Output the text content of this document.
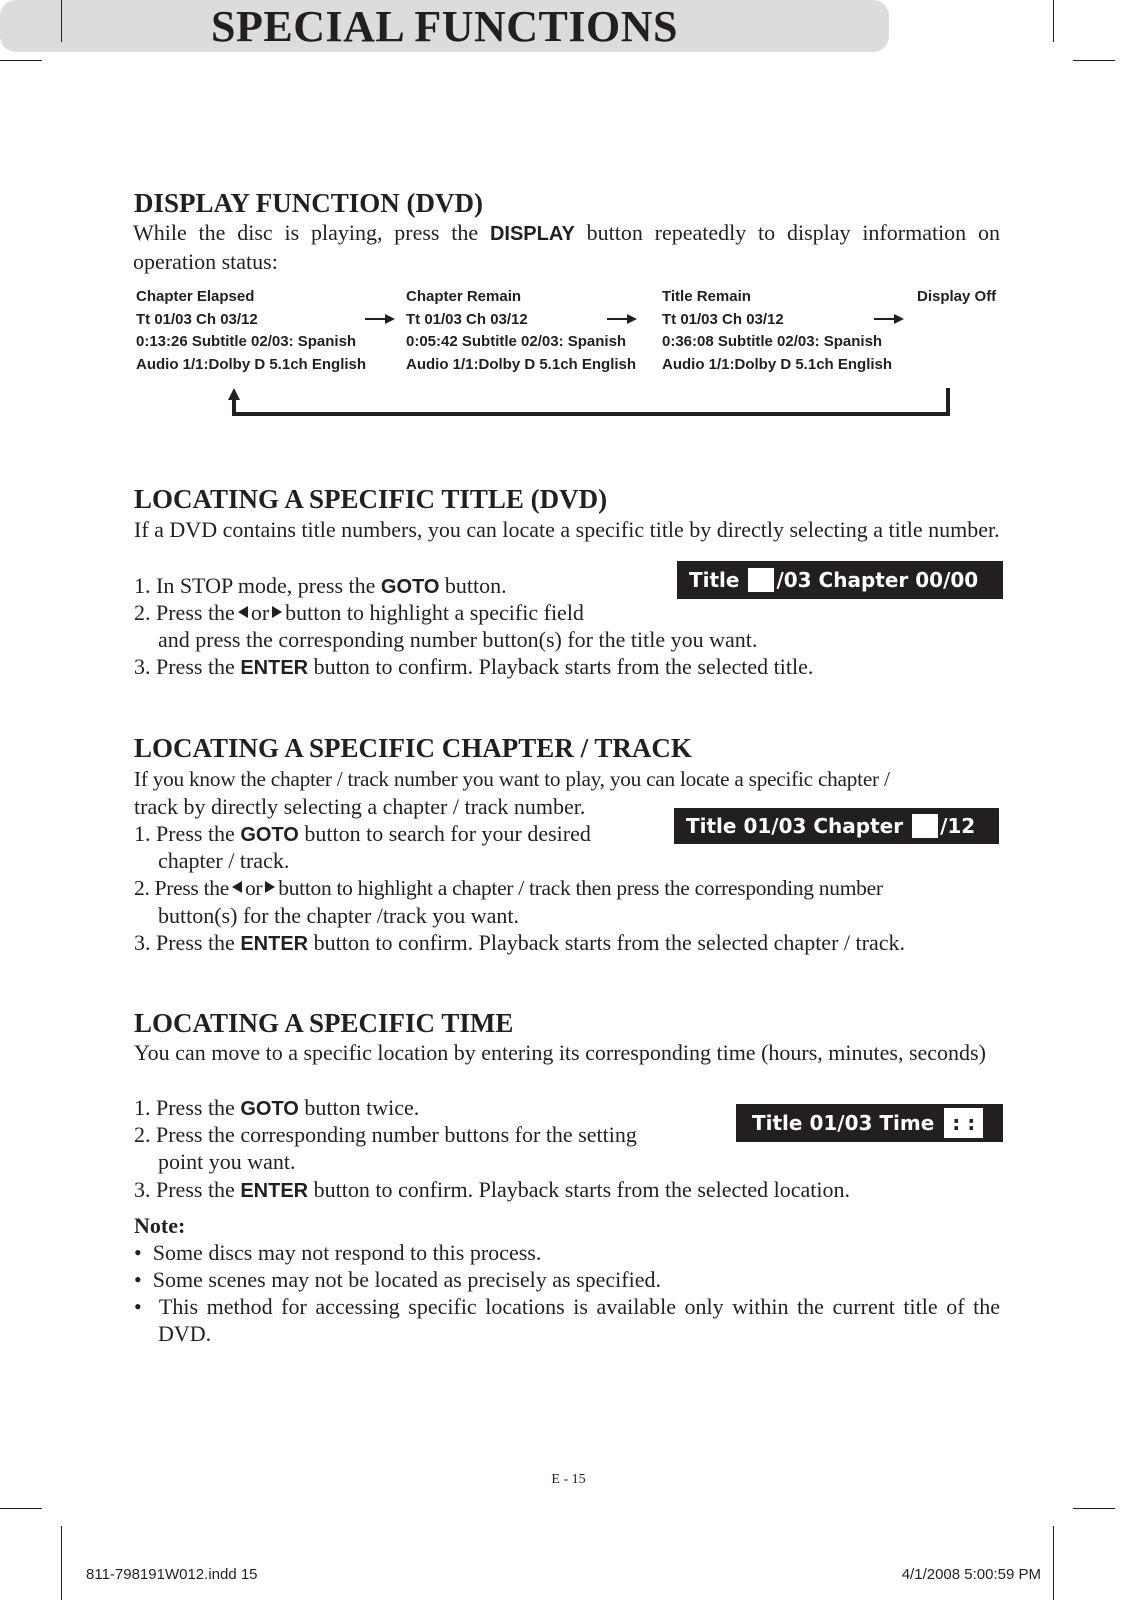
SPECIAL FUNCTIONS
DISPLAY FUNCTION (DVD)
While the disc is playing, press the DISPLAY button repeatedly to display information on operation status:
Chapter Elapsed
Tt 01/03 Ch 03/12
0:13:26 Subtitle 02/03: Spanish
Audio 1/1:Dolby D 5.1ch English
Chapter Remain
Tt 01/03 Ch 03/12
0:05:42 Subtitle 02/03: Spanish
Audio 1/1:Dolby D 5.1ch English
Title Remain
Tt 01/03 Ch 03/12
0:36:08 Subtitle 02/03: Spanish
Audio 1/1:Dolby D 5.1ch English
Display Off
LOCATING A SPECIFIC TITLE (DVD)
If a DVD contains title numbers, you can locate a specific title by directly selecting a title number.
1. In STOP mode, press the GOTO button.
2. Press the or button to highlight a specific field
and press the corresponding number button(s) for the title you want.
3. Press the ENTER button to confirm. Playback starts from the selected title.
Title
/03 Chapter 00/00
LOCATING A SPECIFIC CHAPTER / TRACK
If you know the chapter / track number you want to play, you can locate a specific chapter /
track by directly selecting a chapter / track number.
1. Press the GOTO button to search for your desired
chapter / track.
2. Press the or button to highlight a chapter / track then press the corresponding number
button(s) for the chapter /track you want.
3. Press the ENTER button to confirm. Playback starts from the selected chapter / track.
Title 01/03 Chapter
/12
LOCATING A SPECIFIC TIME
You can move to a specific location by entering its corresponding time (hours, minutes, seconds)
1. Press the GOTO button twice.
2. Press the corresponding number buttons for the setting
point you want.
3. Press the ENTER button to confirm. Playback starts from the selected location.
Title 01/03 Time : :
Note:
•  Some discs may not respond to this process.
•  Some scenes may not be located as precisely as specified.
•  This method for accessing specific locations is available only within the current title of the DVD.
E - 15
811-798191W012.indd 15	4/1/2008 5:00:59 PM
